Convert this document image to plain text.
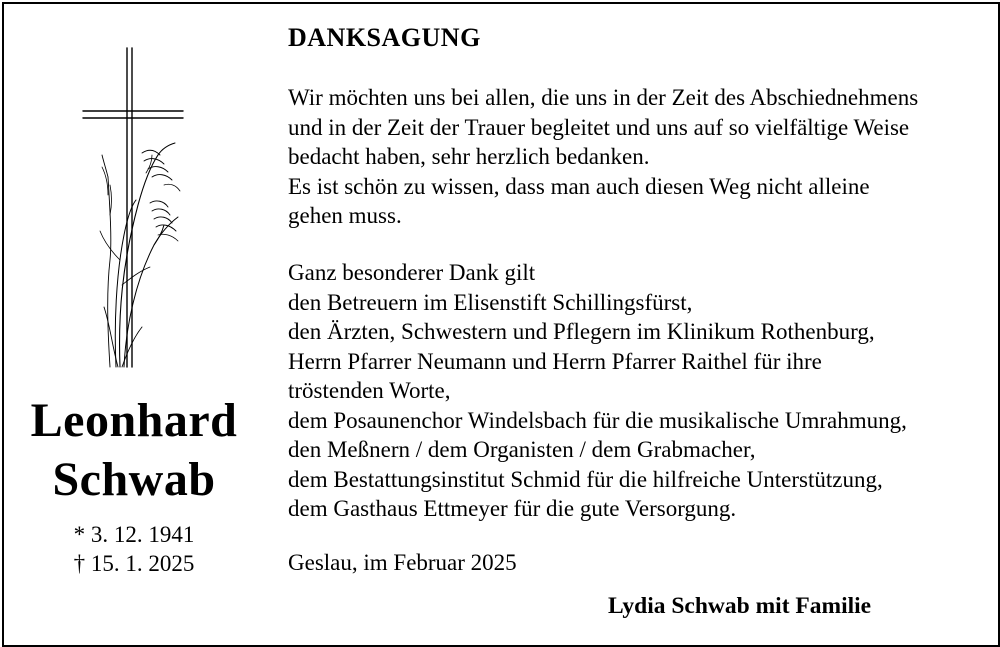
Leonhard
Schwab
* 3. 12. 1941
† 15. 1. 2025
DANKSAGUNG
Wir möchten uns bei allen, die uns in der Zeit des Abschiednehmens
und in der Zeit der Trauer begleitet und uns auf so vielfältige Weise
bedacht haben, sehr herzlich bedanken.
Es ist schön zu wissen, dass man auch diesen Weg nicht alleine
gehen muss.
Ganz besonderer Dank gilt
den Betreuern im Elisenstift Schillingsfürst,
den Ärzten, Schwestern und Pflegern im Klinikum Rothenburg,
Herrn Pfarrer Neumann und Herrn Pfarrer Raithel für ihre
tröstenden Worte,
dem Posaunenchor Windelsbach für die musikalische Umrahmung,
den Meßnern / dem Organisten / dem Grabmacher,
dem Bestattungsinstitut Schmid für die hilfreiche Unterstützung,
dem Gasthaus Ettmeyer für die gute Versorgung.
Geslau, im Februar 2025
Lydia Schwab mit Familie
